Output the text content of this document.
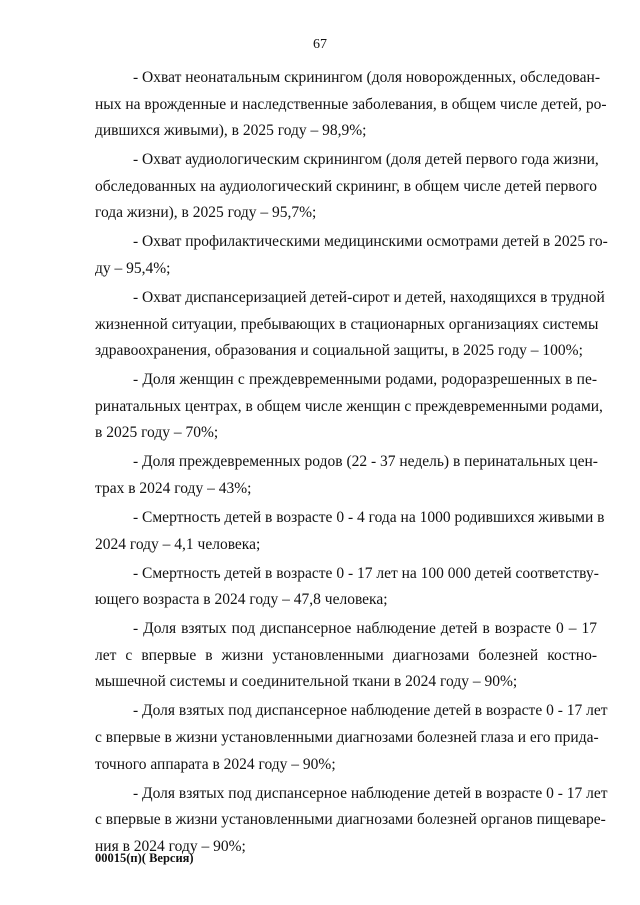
67
- Охват неонатальным скринингом (доля новорожденных, обследован-
ных на врожденные и наследственные заболевания, в общем числе детей, ро-
дившихся живыми), в 2025 году – 98,9%;
- Охват аудиологическим скринингом (доля детей первого года жизни,
обследованных на аудиологический скрининг, в общем числе детей первого
года жизни), в 2025 году – 95,7%;
- Охват профилактическими медицинскими осмотрами детей в 2025 го-
ду – 95,4%;
- Охват диспансеризацией детей-сирот и детей, находящихся в трудной
жизненной ситуации, пребывающих в стационарных организациях системы
здравоохранения, образования и социальной защиты, в 2025 году – 100%;
- Доля женщин с преждевременными родами, родоразрешенных в пе-
ринатальных центрах, в общем числе женщин с преждевременными родами,
в 2025 году – 70%;
- Доля преждевременных родов (22 - 37 недель) в перинатальных цен-
трах в 2024 году – 43%;
- Смертность детей в возрасте 0 - 4 года на 1000 родившихся живыми в
2024 году – 4,1 человека;
- Смертность детей в возрасте 0 - 17 лет на 100 000 детей соответству-
ющего возраста в 2024 году – 47,8 человека;
- Доля взятых под диспансерное наблюдение детей в возрасте 0 – 17
лет с впервые в жизни установленными диагнозами болезней костно-
мышечной системы и соединительной ткани в 2024 году – 90%;
- Доля взятых под диспансерное наблюдение детей в возрасте 0 - 17 лет
с впервые в жизни установленными диагнозами болезней глаза и его прида-
точного аппарата в 2024 году – 90%;
- Доля взятых под диспансерное наблюдение детей в возрасте 0 - 17 лет
с впервые в жизни установленными диагнозами болезней органов пищеваре-
ния в 2024 году – 90%;
00015(п)( Версия)
